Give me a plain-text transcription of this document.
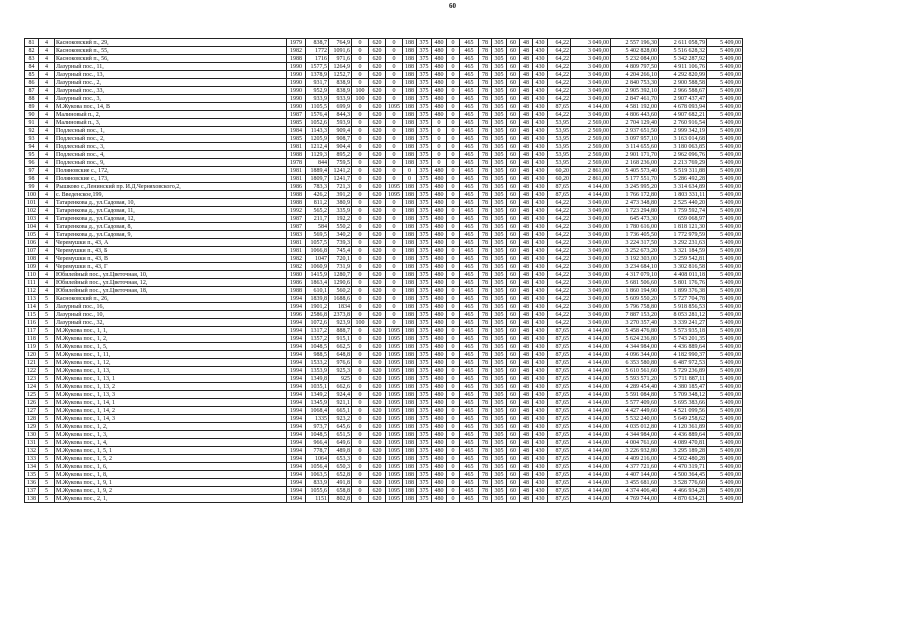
60
81	4	Касноковский п., 29,	1979	838,7	764,9	0	620	0	188	375	480	0	465	78	305	60	48	430	64,22	3 049,00	2 557 196,30	2 611 058,79	5 409,00
82	4	Касноковский п., 55,	1982	1772	1091,6	0	620	0	188	375	480	0	465	78	305	60	48	430	64,22	3 049,00	5 402 828,00	5 516 628,32	5 409,00
83	4	Касноковский п., 56,	1988	1716	971,6	0	620	0	188	375	480	0	465	78	305	60	48	430	64,22	3 049,00	5 232 084,00	5 342 287,92	5 409,00
84	4	Лазурный пос., 11,	1990	1577,5	1264,9	0	620	0	188	375	480	0	465	78	305	60	48	430	64,22	3 049,00	4 809 797,50	4 911 106,76	5 409,00
85	4	Лазурный пос., 13,	1990	1378,9	1252,7	0	620	0	188	375	480	0	465	78	305	60	48	430	64,22	3 049,00	4 204 266,10	4 292 820,99	5 409,00
86	4	Лазурный пос., 2,	1990	931,7	838,9	0	620	0	188	375	480	0	465	78	305	60	48	430	64,22	3 049,00	2 840 753,30	2 900 588,58	5 409,00
87	4	Лазурный пос., 33,	1990	952,9	838,9	100	620	0	188	375	480	0	465	78	305	60	48	430	64,22	3 049,00	2 905 392,10	2 966 588,67	5 409,00
88	4	Лазурный пос., 3,	1990	933,9	933,9	100	620	0	188	375	480	0	465	78	305	60	48	430	64,22	3 049,00	2 847 461,70	2 907 437,47	5 409,00
89	4	М.Жукова пос., 14, В	1990	1105,5	699,9	0	620	1095	188	375	480	0	465	78	305	60	48	430	87,65	4 144,00	4 581 192,00	4 678 093,94	5 409,00
90	4	Малиновый п., 2,	1987	1576,4	844,3	0	620	0	188	375	480	0	465	78	305	60	48	430	64,22	3 049,00	4 806 443,60	4 907 682,21	5 409,00
91	4	Малиновый п., 3,	1985	1052,6	593,9	0	620	0	188	375	0	0	465	78	305	60	48	430	53,95	2 569,00	2 704 129,40	2 760 916,54	5 409,00
92	4	Подлесный пос., 1,	1984	1143,3	909,4	0	620	0	188	375	0	0	465	78	305	60	48	430	53,95	2 569,00	2 937 651,50	2 999 342,19	5 409,00
93	4	Подлесный пос., 2,	1985	1205,9	908,7	0	620	0	188	375	0	0	465	78	305	60	48	430	53,95	2 569,00	3 097 957,10	3 163 014,68	5 409,00
94	4	Подлесный пос., 3,	1981	1212,4	904,4	0	620	0	188	375	0	0	465	78	305	60	48	430	53,95	2 569,00	3 114 655,60	3 180 063,85	5 409,00
95	4	Подлесный пос., 4,	1988	1129,3	895,2	0	620	0	188	375	0	0	465	78	305	60	48	430	53,95	2 569,00	2 901 171,70	2 962 096,76	5 409,00
96	4	Подлесный пос., 9,	1978	844	759,5	0	620	0	188	375	0	0	465	78	305	60	48	430	53,95	2 569,00	2 168 236,00	2 213 769,29	5 409,00
97	4	Поляновские с., 172,	1981	1889,4	1241,2	0	620	0	0	375	480	0	465	78	305	60	48	430	60,20	2 861,00	5 405 573,40	5 519 311,88	5 409,00
98	4	Поляновские с., 173,	1981	1809,7	1241,7	0	620	0	0	375	480	0	465	78	305	60	48	430	60,20	2 861,00	5 177 551,70	5 286 492,28	5 409,00
99	4	Рышково с.,Ленинский пр. И.Д.Черняховского,2,	1986	783,3	721,3	0	620	1095	188	375	480	0	465	78	305	60	48	430	87,65	4 144,00	3 245 995,20	3 314 634,89	5 409,00
100	4	с. Введенское,199,	1988	426,2	391,2	0	620	1095	188	375	480	0	465	78	305	60	48	430	87,65	4 144,00	1 766 172,80	1 803 331,11	5 409,00
101	4	Татаренкова д., ул.Садовая, 10,	1988	811,2	380,9	0	620	0	188	375	480	0	465	78	305	60	48	430	64,22	3 049,00	2 473 348,80	2 525 440,20	5 409,00
102	4	Татаренкова д., ул.Садовая, 11,	1992	565,2	335,9	0	620	0	188	375	480	0	465	78	305	60	48	430	64,22	3 049,00	1 723 294,80	1 759 592,74	5 409,00
103	4	Татаренкова д., ул.Садовая, 12,	1987	211,7	192,2	0	620	0	188	375	480	0	465	78	305	60	48	430	64,22	3 049,00	645 473,30	659 068,97	5 409,00
104	4	Татаренкова д., ул.Садовая, 8,	1987	584	550,2	0	620	0	188	375	480	0	465	78	305	60	48	430	64,22	3 049,00	1 780 616,00	1 818 121,30	5 409,00
105	4	Татаренкова д., ул.Садовая, 9,	1983	569,5	340,2	0	620	0	188	375	480	0	465	78	305	60	48	430	64,22	3 049,00	1 736 405,50	1 772 979,59	5 409,00
106	4	Черемушки п., 43, А	1981	1057,5	739,3	0	620	0	188	375	480	0	465	78	305	60	48	430	64,22	3 049,00	3 224 317,50	3 292 231,63	5 409,00
107	4	Черемушки п., 43, Б	1981	1066,8	745,4	0	620	0	188	375	480	0	465	78	305	60	48	430	64,22	3 049,00	3 252 673,20	3 321 184,59	5 409,00
108	4	Черемушки п., 43, В	1982	1047	720,1	0	620	0	188	375	480	0	465	78	305	60	48	430	64,22	3 049,00	3 192 303,00	3 259 542,81	5 409,00
109	4	Черемушки п., 43, Г	1982	1060,9	731,9	0	620	0	188	375	480	0	465	78	305	60	48	430	64,22	3 049,00	3 234 684,10	3 302 816,58	5 409,00
110	4	Юбилейный пос., ул.Цветочная, 10,	1980	1415,9	1280,7	0	620	0	188	375	480	0	465	78	305	60	48	430	64,22	3 049,00	4 317 079,10	4 408 011,18	5 409,00
111	4	Юбилейный пос., ул.Цветочная, 12,	1986	1863,4	1290,6	0	620	0	188	375	480	0	465	78	305	60	48	430	64,22	3 049,00	5 681 506,60	5 801 176,76	5 409,00
112	4	Юбилейный пос., ул.Цветочная, 18,	1988	610,1	560,2	0	620	0	188	375	480	0	465	78	305	60	48	430	64,22	3 049,00	1 860 194,90	1 899 376,38	5 409,00
113	5	Касноковский п., 26,	1994	1839,8	1688,6	0	620	0	188	375	480	0	465	78	305	60	48	430	64,22	3 049,00	5 609 550,20	5 727 704,78	5 409,00
114	5	Лазурный пос., 16,	1994	1901,2	1834	0	620	0	188	375	480	0	465	78	305	60	48	430	64,22	3 049,00	5 796 758,80	5 918 856,53	5 409,00
115	5	Лазурный пос., 10,	1996	2586,8	2373,8	0	620	0	188	375	480	0	465	78	305	60	48	430	64,22	3 049,00	7 887 153,20	8 053 281,12	5 409,00
116	5	Лазурный пос., 32,	1994	1072,6	923,9	100	620	0	188	375	480	0	465	78	305	60	48	430	64,22	3 049,00	3 270 357,40	3 339 241,27	5 409,00
117	5	М.Жукова пос., 1, 1,	1994	1317,2	888,7	0	620	1095	188	375	480	0	465	78	305	60	48	430	87,65	4 144,00	5 458 476,80	5 573 935,18	5 409,00
118	5	М.Жукова пос., 1, 2,	1994	1357,2	915,1	0	620	1095	188	375	480	0	465	78	305	60	48	430	87,65	4 144,00	5 624 236,80	5 743 201,35	5 409,00
119	5	М.Жукова пос., 1, 5,	1994	1048,5	662,5	0	620	1095	188	375	480	0	465	78	305	60	48	430	87,65	4 144,00	4 344 984,00	4 436 889,64	5 409,00
120	5	М.Жукова пос., 1, 11,	1994	988,5	648,8	0	620	1095	188	375	480	0	465	78	305	60	48	430	87,65	4 144,00	4 096 344,00	4 182 990,37	5 409,00
121	5	М.Жукова пос., 1, 12,	1994	1533,2	976,6	0	620	1095	188	375	480	0	465	78	305	60	48	430	87,65	4 144,00	6 353 580,80	6 487 972,53	5 409,00
122	5	М.Жукова пос., 1, 13,	1994	1353,9	925,3	0	620	1095	188	375	480	0	465	78	305	60	48	430	87,65	4 144,00	5 610 561,60	5 729 236,89	5 409,00
123	5	М.Жукова пос., 1, 13, 1	1994	1349,8	925	0	620	1095	188	375	480	0	465	78	305	60	48	430	87,65	4 144,00	5 593 571,20	5 711 887,11	5 409,00
124	5	М.Жукова пос., 1, 13, 2	1994	1035,1	662,6	0	620	1095	188	375	480	0	465	78	305	60	48	430	87,65	4 144,00	4 289 454,40	4 380 185,47	5 409,00
125	5	М.Жукова пос., 1, 13, 3	1994	1349,2	924,4	0	620	1095	188	375	480	0	465	78	305	60	48	430	87,65	4 144,00	5 591 084,80	5 709 348,12	5 409,00
126	5	М.Жукова пос., 1, 14, 1	1994	1345,9	921,1	0	620	1095	188	375	480	0	465	78	305	60	48	430	87,65	4 144,00	5 577 409,60	5 695 383,66	5 409,00
127	5	М.Жукова пос., 1, 14, 2	1994	1068,4	665,1	0	620	1095	188	375	480	0	465	78	305	60	48	430	87,65	4 144,00	4 427 449,60	4 521 099,56	5 409,00
128	5	М.Жукова пос., 1, 14, 3	1994	1335	923,2	0	620	1095	188	375	480	0	465	78	305	60	48	430	87,65	4 144,00	5 532 240,00	5 649 258,62	5 409,00
129	5	М.Жукова пос., 1, 2,	1994	973,7	645,6	0	620	1095	188	375	480	0	465	78	305	60	48	430	87,65	4 144,00	4 035 012,80	4 120 361,89	5 409,00
130	5	М.Жукова пос., 1, 3,	1994	1048,5	651,5	0	620	1095	188	375	480	0	465	78	305	60	48	430	87,65	4 144,00	4 344 984,00	4 436 889,64	5 409,00
131	5	М.Жукова пос., 1, 4,	1994	966,4	649,6	0	620	1095	188	375	480	0	465	78	305	60	48	430	87,65	4 144,00	4 004 761,60	4 089 470,81	5 409,00
132	5	М.Жукова пос., 1, 5, 1	1994	778,7	489,8	0	620	1095	188	375	480	0	465	78	305	60	48	430	87,65	4 144,00	3 226 932,80	3 295 189,28	5 409,00
133	5	М.Жукова пос., 1, 5, 2	1994	1064	653,3	0	620	1095	188	375	480	0	465	78	305	60	48	430	87,65	4 144,00	4 409 216,00	4 502 480,28	5 409,00
134	5	М.Жукова пос., 1, 6,	1994	1056,4	650,3	0	620	1095	188	375	480	0	465	78	305	60	48	430	87,65	4 144,00	4 377 721,60	4 470 319,71	5 409,00
135	5	М.Жукова пос., 1, 8,	1994	1063,5	652,8	0	620	1095	188	375	480	0	465	78	305	60	48	430	87,65	4 144,00	4 407 144,00	4 500 364,45	5 409,00
136	5	М.Жукова пос., 1, 9, 1	1994	833,9	491,8	0	620	1095	188	375	480	0	465	78	305	60	48	430	87,65	4 144,00	3 455 681,60	3 528 776,60	5 409,00
137	5	М.Жукова пос., 1, 9, 2	1994	1055,6	658,8	0	620	1095	188	375	480	0	465	78	305	60	48	430	87,65	4 144,00	4 374 406,40	4 466 934,28	5 409,00
138	5	М.Жукова пос., 2, 1,	1994	1151	802,8	0	620	1095	188	375	480	0	465	78	305	60	48	430	87,65	4 144,00	4 769 744,00	4 870 634,21	5 409,00
